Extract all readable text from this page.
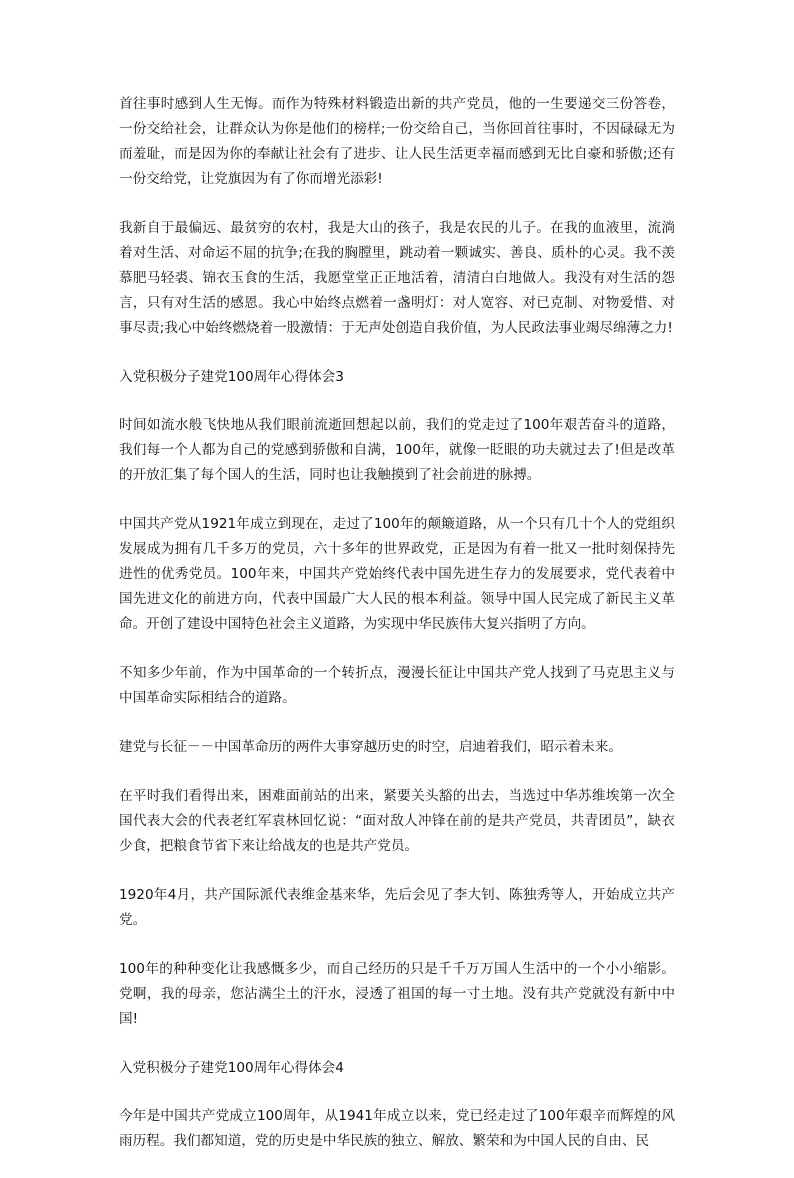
首往事时感到人生无悔。而作为特殊材料锻造出新的共产党员，他的一生要递交三份答卷，一份交给社会，让群众认为你是他们的榜样;一份交给自己，当你回首往事时，不因碌碌无为而羞耻，而是因为你的奉献让社会有了进步、让人民生活更幸福而感到无比自豪和骄傲;还有一份交给党，让党旗因为有了你而增光添彩!

我新自于最偏远、最贫穷的农村，我是大山的孩子，我是农民的儿子。在我的血液里，流淌着对生活、对命运不屈的抗争;在我的胸膛里，跳动着一颗诚实、善良、质朴的心灵。我不羡慕肥马轻裘、锦衣玉食的生活，我愿堂堂正正地活着，清清白白地做人。我没有对生活的怨言，只有对生活的感恩。我心中始终点燃着一盏明灯：对人宽容、对已克制、对物爱惜、对事尽责;我心中始终燃烧着一股激情：于无声处创造自我价值，为人民政法事业竭尽绵薄之力!

入党积极分子建党100周年心得体会3

时间如流水般飞快地从我们眼前流逝回想起以前，我们的党走过了100年艰苦奋斗的道路，我们每一个人都为自己的党感到骄傲和自满，100年，就像一眨眼的功夫就过去了!但是改革的开放汇集了每个国人的生活，同时也让我触摸到了社会前进的脉搏。

中国共产党从1921年成立到现在，走过了100年的颠簸道路，从一个只有几十个人的党组织发展成为拥有几千多万的党员，六十多年的世界政党，正是因为有着一批又一批时刻保持先进性的优秀党员。100年来，中国共产党始终代表中国先进生存力的发展要求，党代表着中国先进文化的前进方向，代表中国最广大人民的根本利益。领导中国人民完成了新民主义革命。开创了建设中国特色社会主义道路，为实现中华民族伟大复兴指明了方向。

不知多少年前，作为中国革命的一个转折点，漫漫长征让中国共产党人找到了马克思主义与中国革命实际相结合的道路。

建党与长征－－中国革命历的两件大事穿越历史的时空，启迪着我们，昭示着未来。

在平时我们看得出来，困难面前站的出来，紧要关头豁的出去，当选过中华苏维埃第一次全国代表大会的代表老红军袁林回忆说：“面对敌人冲锋在前的是共产党员，共青团员”，缺衣少食，把粮食节省下来让给战友的也是共产党员。

1920年4月，共产国际派代表维金基来华，先后会见了李大钊、陈独秀等人，开始成立共产党。

100年的种种变化让我感慨多少，而自己经历的只是千千万万国人生活中的一个小小缩影。党啊，我的母亲，您沾满尘土的汗水，浸透了祖国的每一寸土地。没有共产党就没有新中中国!

入党积极分子建党100周年心得体会4

今年是中国共产党成立100周年，从1941年成立以来，党已经走过了100年艰辛而辉煌的风雨历程。我们都知道，党的历史是中华民族的独立、解放、繁荣和为中国人民的自由、民
